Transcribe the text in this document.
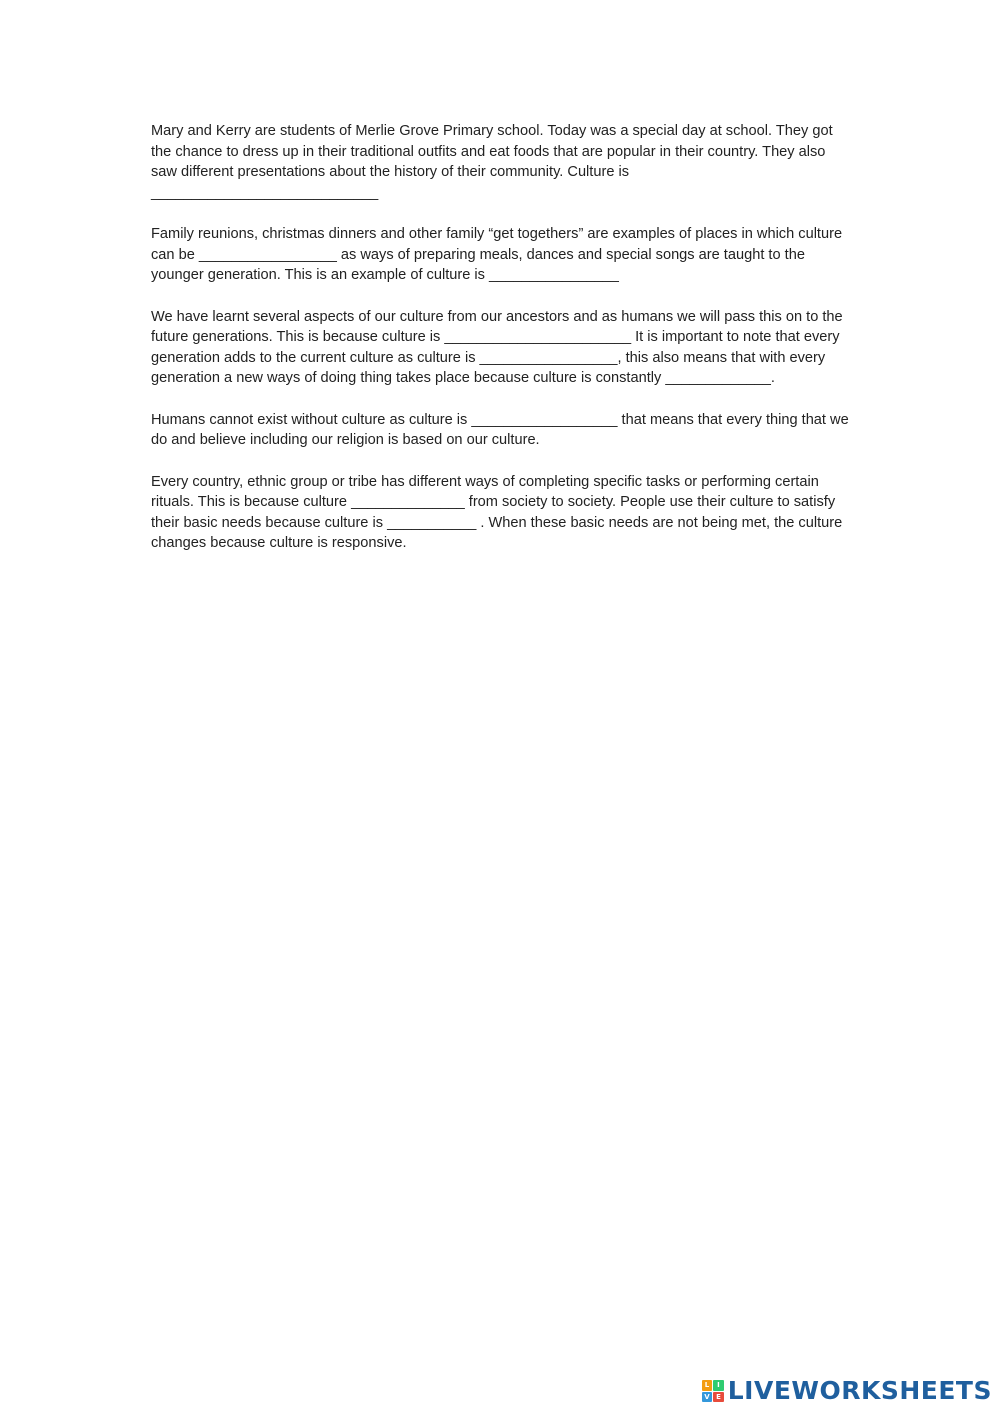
Mary and Kerry are students of Merlie Grove Primary school. Today was a special day at school. They got the chance to dress up in their traditional outfits and eat foods that are popular in their country. They also saw different presentations about the history of their community. Culture is ____________________________

Family reunions, christmas dinners and other family “get togethers” are examples of places in which culture can be _________________ as ways of preparing meals, dances and special songs are taught to the younger generation. This is an example of culture is ________________

We have learnt several aspects of our culture from our ancestors and as humans we will pass this on to the future generations. This is because culture is _______________________ It is important to note that every generation adds to the current culture as culture is _________________, this also means that with every generation a new ways of doing thing takes place because culture is constantly _____________.

Humans cannot exist without culture as culture is __________________ that means that every thing that we do and believe including our religion is based on our culture.

Every country, ethnic group or tribe has different ways of completing specific tasks or performing certain rituals. This is because culture ______________ from society to society. People use their culture to satisfy their basic needs because culture is ___________ . When these basic needs are not being met, the culture changes because culture is responsive.

L	I
V E LIVEWORKSHEETS
